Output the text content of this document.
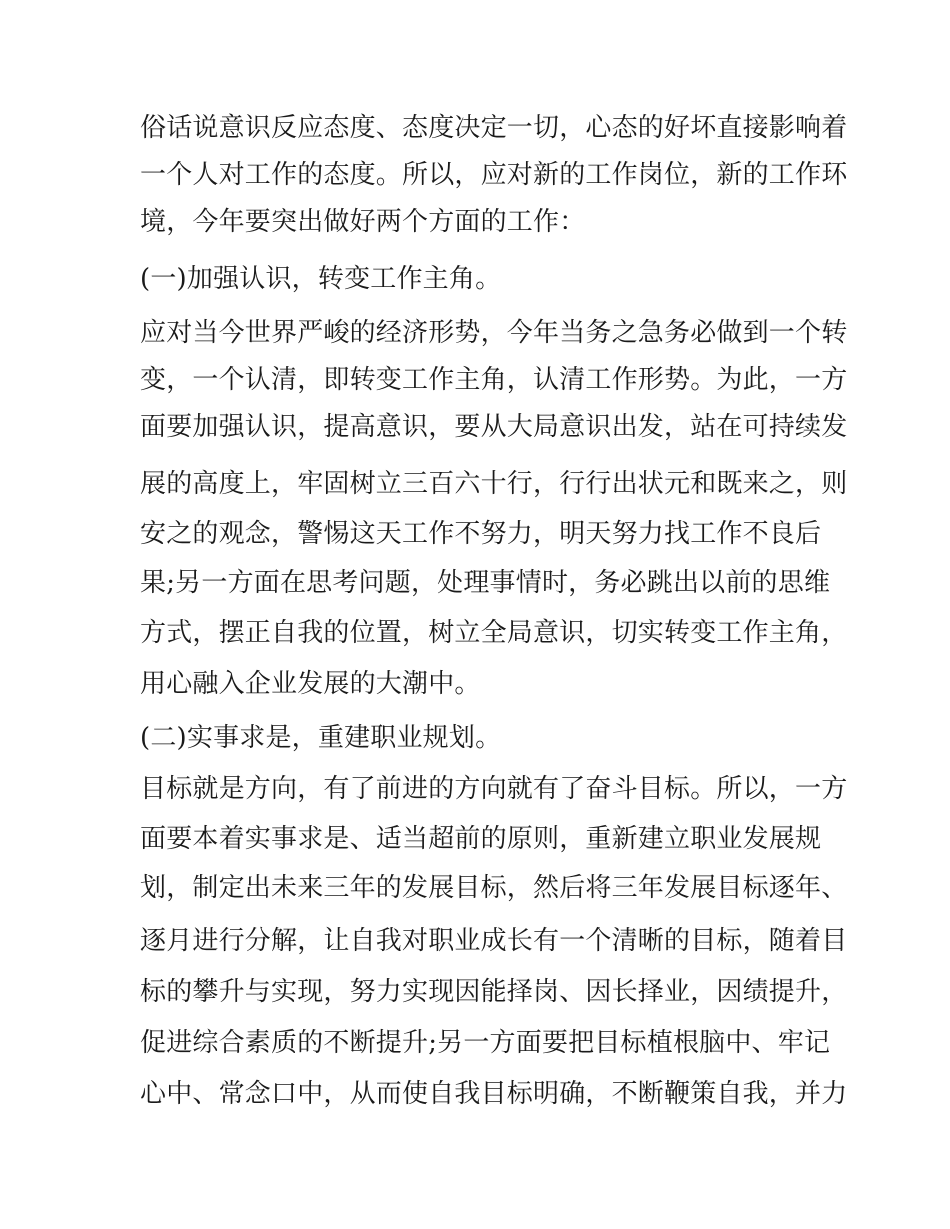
俗话说意识反应态度、态度决定一切，心态的好坏直接影响着
一个人对工作的态度。所以，应对新的工作岗位，新的工作环
境，今年要突出做好两个方面的工作：
(一)加强认识，转变工作主角。
应对当今世界严峻的经济形势，今年当务之急务必做到一个转
变，一个认清，即转变工作主角，认清工作形势。为此，一方
面要加强认识，提高意识，要从大局意识出发，站在可持续发
展的高度上，牢固树立三百六十行，行行出状元和既来之，则
安之的观念，警惕这天工作不努力，明天努力找工作不良后
果;另一方面在思考问题，处理事情时，务必跳出以前的思维
方式，摆正自我的位置，树立全局意识，切实转变工作主角，
用心融入企业发展的大潮中。
(二)实事求是，重建职业规划。
目标就是方向，有了前进的方向就有了奋斗目标。所以，一方
面要本着实事求是、适当超前的原则，重新建立职业发展规
划，制定出未来三年的发展目标，然后将三年发展目标逐年、
逐月进行分解，让自我对职业成长有一个清晰的目标，随着目
标的攀升与实现，努力实现因能择岗、因长择业，因绩提升，
促进综合素质的不断提升;另一方面要把目标植根脑中、牢记
心中、常念口中，从而使自我目标明确，不断鞭策自我，并力
